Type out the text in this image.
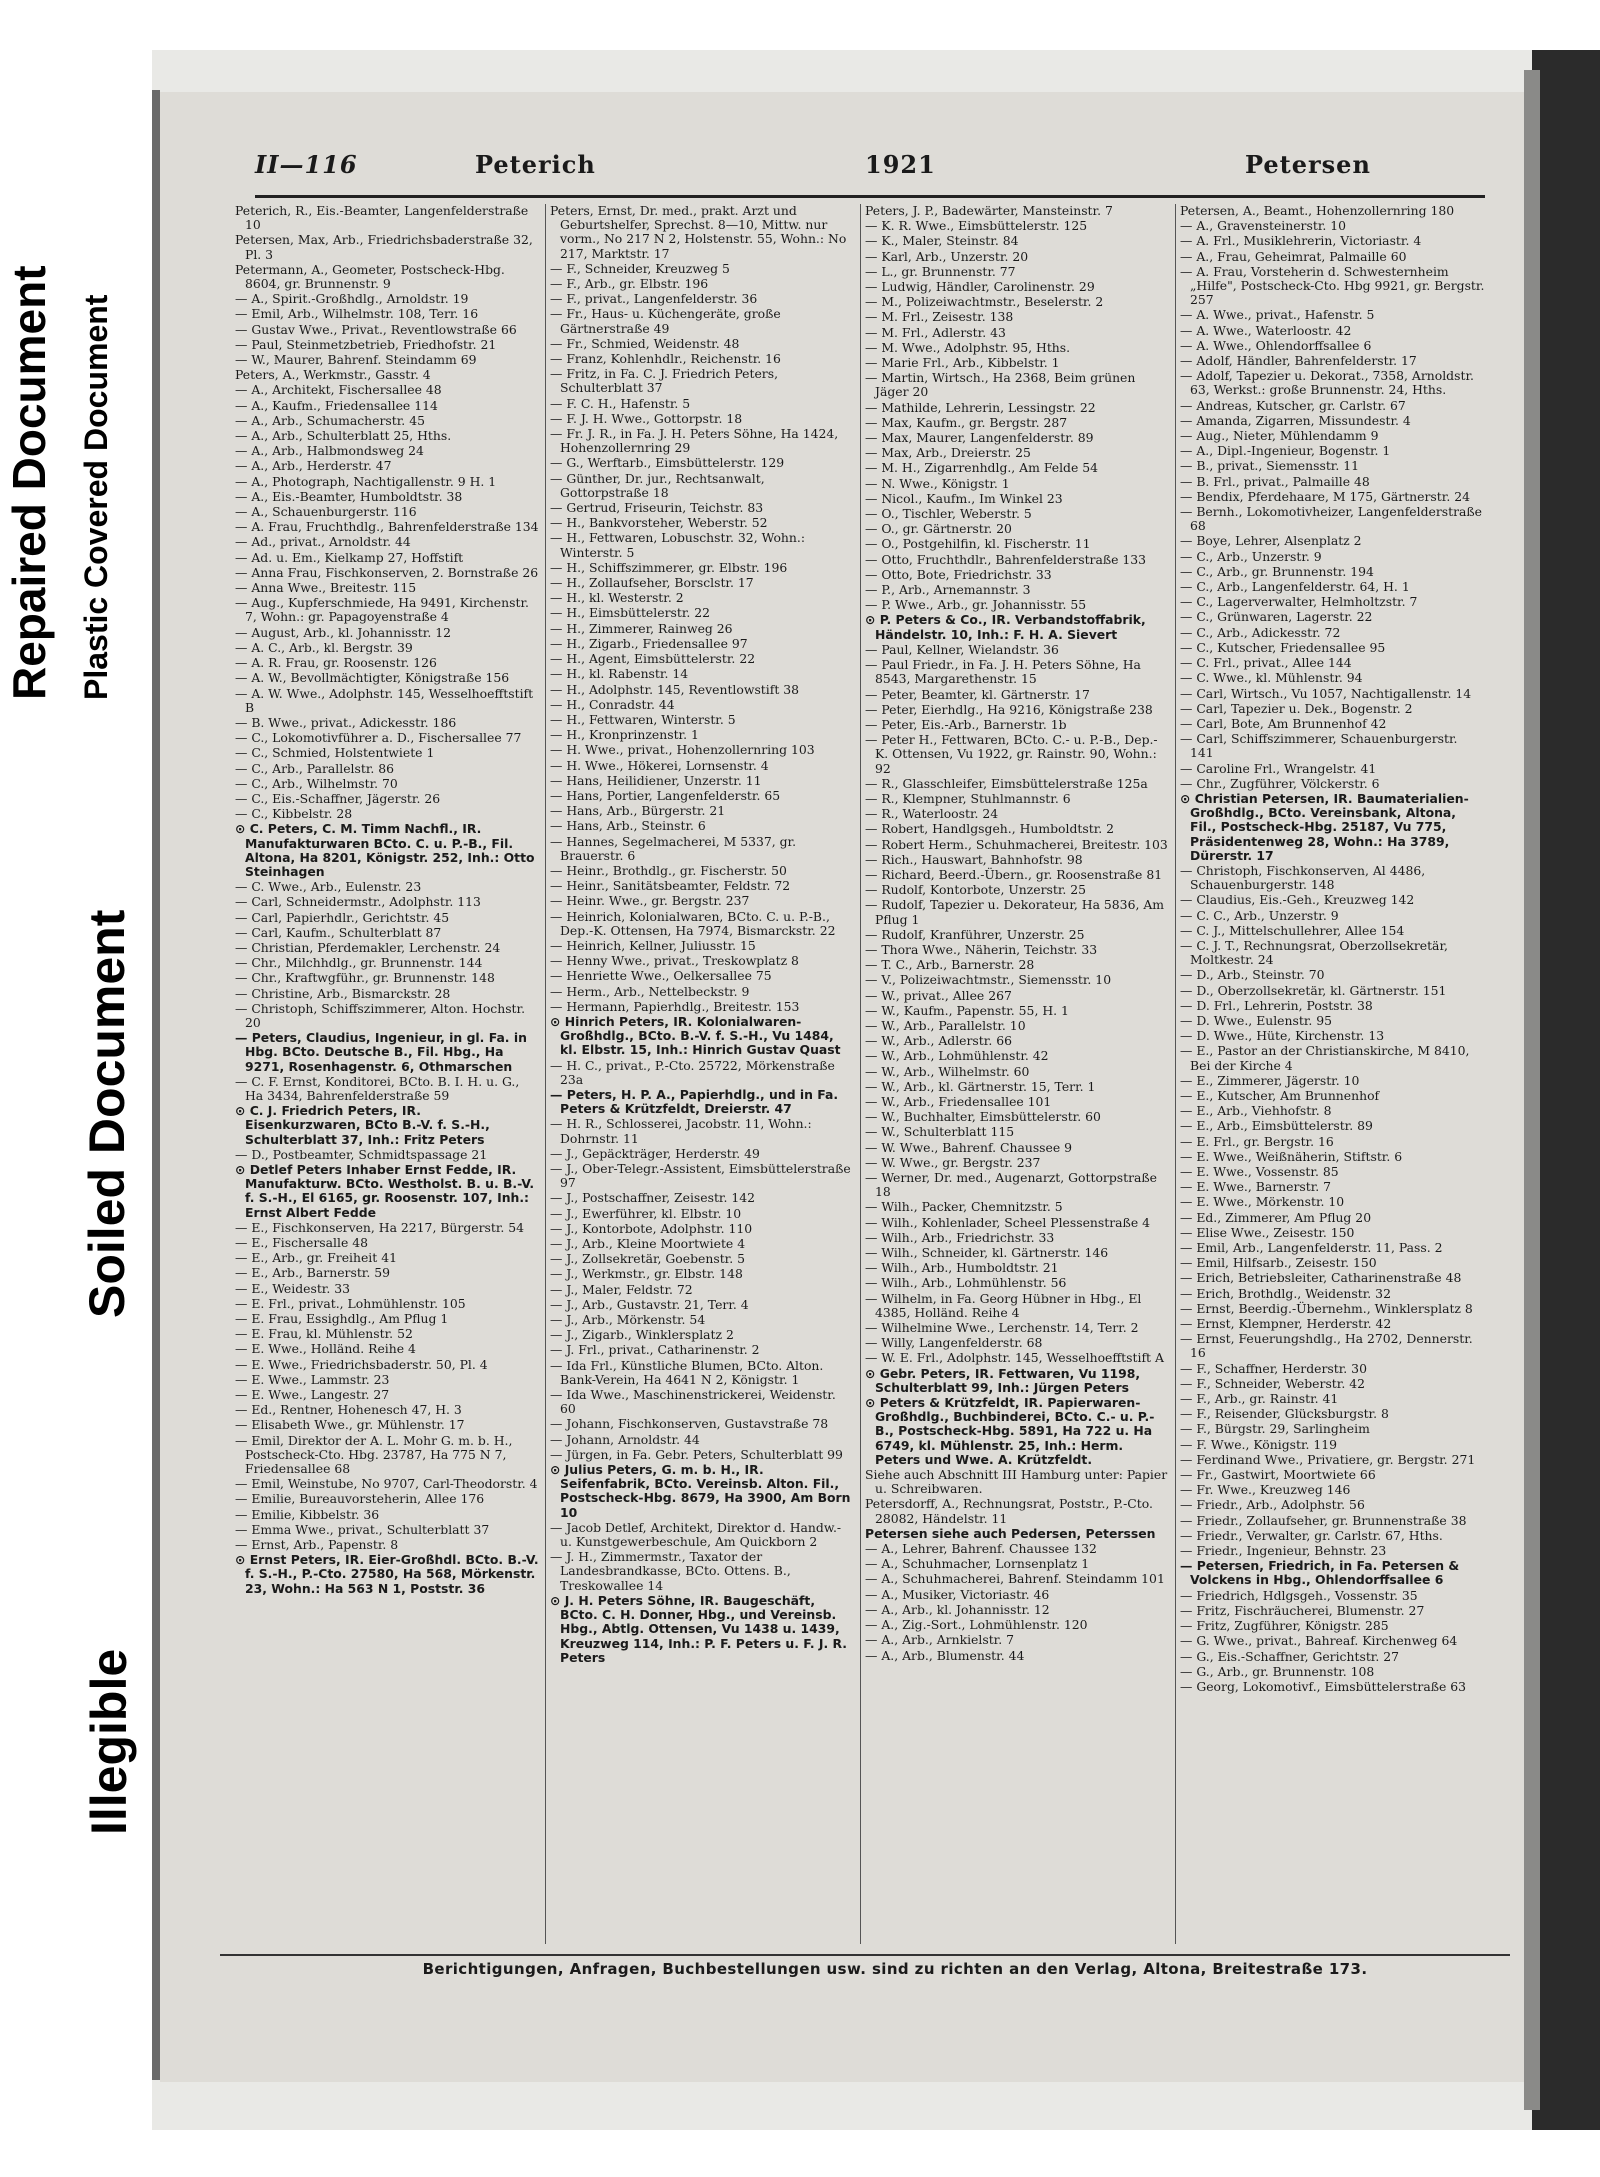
Repaired Document Plastic Covered Document
Soiled Document
Illegible
II—116	Peterich	1921	Petersen
Peterich, R., Eis.-Beamter, Langenfelderstraße 10
Petersen, Max, Arb., Friedrichsbaderstraße 32, Pl. 3
Petermann, A., Geometer, Postscheck-Hbg. 8604, gr. Brunnenstr. 9
— A., Spirit.-Großhdlg., Arnoldstr. 19
— Emil, Arb., Wilhelmstr. 108, Terr. 16
— Gustav Wwe., Privat., Reventlowstraße 66
— Paul, Steinmetzbetrieb, Friedhofstr. 21
— W., Maurer, Bahrenf. Steindamm 69
Peters, A., Werkmstr., Gasstr. 4
— A., Architekt, Fischersallee 48
— A., Kaufm., Friedensallee 114
— A., Arb., Schumacherstr. 45
— A., Arb., Schulterblatt 25, Hths.
— A., Arb., Halbmondsweg 24
— A., Arb., Herderstr. 47
— A., Photograph, Nachtigallenstr. 9 H. 1
— A., Eis.-Beamter, Humboldtstr. 38
— A., Schauenburgerstr. 116
— A. Frau, Fruchthdlg., Bahrenfelderstraße 134
— Ad., privat., Arnoldstr. 44
— Ad. u. Em., Kielkamp 27, Hoffstift
— Anna Frau, Fischkonserven, 2. Bornstraße 26
— Anna Wwe., Breitestr. 115
— Aug., Kupferschmiede, Ha 9491, Kirchenstr. 7, Wohn.: gr. Papagoyenstraße 4
— August, Arb., kl. Johannisstr. 12
— A. C., Arb., kl. Bergstr. 39
— A. R. Frau, gr. Roosenstr. 126
— A. W., Bevollmächtigter, Königstraße 156
— A. W. Wwe., Adolphstr. 145, Wesselhoefftstift B
— B. Wwe., privat., Adickesstr. 186
— C., Lokomotivführer a. D., Fischersallee 77
— C., Schmied, Holstentwiete 1
— C., Arb., Parallelstr. 86
— C., Arb., Wilhelmstr. 70
— C., Eis.-Schaffner, Jägerstr. 26
— C., Kibbelstr. 28
⊙ C. Peters, C. M. Timm Nachfl., IR. Manufakturwaren BCto. C. u. P.-B., Fil. Altona, Ha 8201, Königstr. 252, Inh.: Otto Steinhagen
— C. Wwe., Arb., Eulenstr. 23
— Carl, Schneidermstr., Adolphstr. 113
— Carl, Papierhdlr., Gerichtstr. 45
— Carl, Kaufm., Schulterblatt 87
— Christian, Pferdemakler, Lerchenstr. 24
— Chr., Milchhdlg., gr. Brunnenstr. 144
— Chr., Kraftwgführ., gr. Brunnenstr. 148
— Christine, Arb., Bismarckstr. 28
— Christoph, Schiffszimmerer, Alton. Hochstr. 20
— Peters, Claudius, Ingenieur, in gl. Fa. in Hbg. BCto. Deutsche B., Fil. Hbg., Ha 9271, Rosenhagenstr. 6, Othmarschen
— C. F. Ernst, Konditorei, BCto. B. I. H. u. G., Ha 3434, Bahrenfelderstraße 59
⊙ C. J. Friedrich Peters, IR. Eisenkurzwaren, BCto B.-V. f. S.-H., Schulterblatt 37, Inh.: Fritz Peters
— D., Postbeamter, Schmidtspassage 21
⊙ Detlef Peters Inhaber Ernst Fedde, IR. Manufakturw. BCto. Westholst. B. u. B.-V. f. S.-H., El 6165, gr. Roosenstr. 107, Inh.: Ernst Albert Fedde
— E., Fischkonserven, Ha 2217, Bürgerstr. 54
— E., Fischersalle 48
— E., Arb., gr. Freiheit 41
— E., Arb., Barnerstr. 59
— E., Weidestr. 33
— E. Frl., privat., Lohmühlenstr. 105
— E. Frau, Essighdlg., Am Pflug 1
— E. Frau, kl. Mühlenstr. 52
— E. Wwe., Holländ. Reihe 4
— E. Wwe., Friedrichsbaderstr. 50, Pl. 4
— E. Wwe., Lammstr. 23
— E. Wwe., Langestr. 27
— Ed., Rentner, Hohenesch 47, H. 3
— Elisabeth Wwe., gr. Mühlenstr. 17
— Emil, Direktor der A. L. Mohr G. m. b. H., Postscheck-Cto. Hbg. 23787, Ha 775 N 7, Friedensallee 68
— Emil, Weinstube, No 9707, Carl-Theodorstr. 4
— Emilie, Bureauvorsteherin, Allee 176
— Emilie, Kibbelstr. 36
— Emma Wwe., privat., Schulterblatt 37
— Ernst, Arb., Papenstr. 8
⊙ Ernst Peters, IR. Eier-Großhdl. BCto. B.-V. f. S.-H., P.-Cto. 27580, Ha 568, Mörkenstr. 23, Wohn.: Ha 563 N 1, Poststr. 36
Peters, Ernst, Dr. med., prakt. Arzt und Geburtshelfer, Sprechst. 8—10, Mittw. nur vorm., No 217 N 2, Holstenstr. 55, Wohn.: No 217, Marktstr. 17
— F., Schneider, Kreuzweg 5
— F., Arb., gr. Elbstr. 196
— F., privat., Langenfelderstr. 36
— Fr., Haus- u. Küchengeräte, große Gärtnerstraße 49
— Fr., Schmied, Weidenstr. 48
— Franz, Kohlenhdlr., Reichenstr. 16
— Fritz, in Fa. C. J. Friedrich Peters, Schulterblatt 37
— F. C. H., Hafenstr. 5
— F. J. H. Wwe., Gottorpstr. 18
— Fr. J. R., in Fa. J. H. Peters Söhne, Ha 1424, Hohenzollernring 29
— G., Werftarb., Eimsbüttelerstr. 129
— Günther, Dr. jur., Rechtsanwalt, Gottorpstraße 18
— Gertrud, Friseurin, Teichstr. 83
— H., Bankvorsteher, Weberstr. 52
— H., Fettwaren, Lobuschstr. 32, Wohn.: Winterstr. 5
— H., Schiffszimmerer, gr. Elbstr. 196
— H., Zollaufseher, Borsclstr. 17
— H., kl. Westerstr. 2
— H., Eimsbüttelerstr. 22
— H., Zimmerer, Rainweg 26
— H., Zigarb., Friedensallee 97
— H., Agent, Eimsbüttelerstr. 22
— H., kl. Rabenstr. 14
— H., Adolphstr. 145, Reventlowstift 38
— H., Conradstr. 44
— H., Fettwaren, Winterstr. 5
— H., Kronprinzenstr. 1
— H. Wwe., privat., Hohenzollernring 103
— H. Wwe., Hökerei, Lornsenstr. 4
— Hans, Heilidiener, Unzerstr. 11
— Hans, Portier, Langenfelderstr. 65
— Hans, Arb., Bürgerstr. 21
— Hans, Arb., Steinstr. 6
— Hannes, Segelmacherei, M 5337, gr. Brauerstr. 6
— Heinr., Brothdlg., gr. Fischerstr. 50
— Heinr., Sanitätsbeamter, Feldstr. 72
— Heinr. Wwe., gr. Bergstr. 237
— Heinrich, Kolonialwaren, BCto. C. u. P.-B., Dep.-K. Ottensen, Ha 7974, Bismarckstr. 22
— Heinrich, Kellner, Juliusstr. 15
— Henny Wwe., privat., Treskowplatz 8
— Henriette Wwe., Oelkersallee 75
— Herm., Arb., Nettelbeckstr. 9
— Hermann, Papierhdlg., Breitestr. 153
⊙ Hinrich Peters, IR. Kolonialwaren-Großhdlg., BCto. B.-V. f. S.-H., Vu 1484, kl. Elbstr. 15, Inh.: Hinrich Gustav Quast
— H. C., privat., P.-Cto. 25722, Mörkenstraße 23a
— Peters, H. P. A., Papierhdlg., und in Fa. Peters & Krützfeldt, Dreierstr. 47
— H. R., Schlosserei, Jacobstr. 11, Wohn.: Dohrnstr. 11
— J., Gepäckträger, Herderstr. 49
— J., Ober-Telegr.-Assistent, Eimsbüttelerstraße 97
— J., Postschaffner, Zeisestr. 142
— J., Ewerführer, kl. Elbstr. 10
— J., Kontorbote, Adolphstr. 110
— J., Arb., Kleine Moortwiete 4
— J., Zollsekretär, Goebenstr. 5
— J., Werkmstr., gr. Elbstr. 148
— J., Maler, Feldstr. 72
— J., Arb., Gustavstr. 21, Terr. 4
— J., Arb., Mörkenstr. 54
— J., Zigarb., Winklersplatz 2
— J. Frl., privat., Catharinenstr. 2
— Ida Frl., Künstliche Blumen, BCto. Alton. Bank-Verein, Ha 4641 N 2, Königstr. 1
— Ida Wwe., Maschinenstrickerei, Weidenstr. 60
— Johann, Fischkonserven, Gustavstraße 78
— Johann, Arnoldstr. 44
— Jürgen, in Fa. Gebr. Peters, Schulterblatt 99
⊙ Julius Peters, G. m. b. H., IR. Seifenfabrik, BCto. Vereinsb. Alton. Fil., Postscheck-Hbg. 8679, Ha 3900, Am Born 10
— Jacob Detlef, Architekt, Direktor d. Handw.- u. Kunstgewerbeschule, Am Quickborn 2
— J. H., Zimmermstr., Taxator der Landesbrandkasse, BCto. Ottens. B., Treskowallee 14
⊙ J. H. Peters Söhne, IR. Baugeschäft, BCto. C. H. Donner, Hbg., und Vereinsb. Hbg., Abtlg. Ottensen, Vu 1438 u. 1439, Kreuzweg 114, Inh.: P. F. Peters u. F. J. R. Peters
Peters, J. P., Badewärter, Mansteinstr. 7
— K. R. Wwe., Eimsbüttelerstr. 125
— K., Maler, Steinstr. 84
— Karl, Arb., Unzerstr. 20
— L., gr. Brunnenstr. 77
— Ludwig, Händler, Carolinenstr. 29
— M., Polizeiwachtmstr., Beselerstr. 2
— M. Frl., Zeisestr. 138
— M. Frl., Adlerstr. 43
— M. Wwe., Adolphstr. 95, Hths.
— Marie Frl., Arb., Kibbelstr. 1
— Martin, Wirtsch., Ha 2368, Beim grünen Jäger 20
— Mathilde, Lehrerin, Lessingstr. 22
— Max, Kaufm., gr. Bergstr. 287
— Max, Maurer, Langenfelderstr. 89
— Max, Arb., Dreierstr. 25
— M. H., Zigarrenhdlg., Am Felde 54
— N. Wwe., Königstr. 1
— Nicol., Kaufm., Im Winkel 23
— O., Tischler, Weberstr. 5
— O., gr. Gärtnerstr. 20
— O., Postgehilfin, kl. Fischerstr. 11
— Otto, Fruchthdlr., Bahrenfelderstraße 133
— Otto, Bote, Friedrichstr. 33
— P., Arb., Arnemannstr. 3
— P. Wwe., Arb., gr. Johannisstr. 55
⊙ P. Peters & Co., IR. Verbandstoffabrik, Händelstr. 10, Inh.: F. H. A. Sievert
— Paul, Kellner, Wielandstr. 36
— Paul Friedr., in Fa. J. H. Peters Söhne, Ha 8543, Margarethenstr. 15
— Peter, Beamter, kl. Gärtnerstr. 17
— Peter, Eierhdlg., Ha 9216, Königstraße 238
— Peter, Eis.-Arb., Barnerstr. 1b
— Peter H., Fettwaren, BCto. C.- u. P.-B., Dep.-K. Ottensen, Vu 1922, gr. Rainstr. 90, Wohn.: 92
— R., Glasschleifer, Eimsbüttelerstraße 125a
— R., Klempner, Stuhlmannstr. 6
— R., Waterloostr. 24
— Robert, Handlgsgeh., Humboldtstr. 2
— Robert Herm., Schuhmacherei, Breitestr. 103
— Rich., Hauswart, Bahnhofstr. 98
— Richard, Beerd.-Übern., gr. Roosenstraße 81
— Rudolf, Kontorbote, Unzerstr. 25
— Rudolf, Tapezier u. Dekorateur, Ha 5836, Am Pflug 1
— Rudolf, Kranführer, Unzerstr. 25
— Thora Wwe., Näherin, Teichstr. 33
— T. C., Arb., Barnerstr. 28
— V., Polizeiwachtmstr., Siemensstr. 10
— W., privat., Allee 267
— W., Kaufm., Papenstr. 55, H. 1
— W., Arb., Parallelstr. 10
— W., Arb., Adlerstr. 66
— W., Arb., Lohmühlenstr. 42
— W., Arb., Wilhelmstr. 60
— W., Arb., kl. Gärtnerstr. 15, Terr. 1
— W., Arb., Friedensallee 101
— W., Buchhalter, Eimsbüttelerstr. 60
— W., Schulterblatt 115
— W. Wwe., Bahrenf. Chaussee 9
— W. Wwe., gr. Bergstr. 237
— Werner, Dr. med., Augenarzt, Gottorpstraße 18
— Wilh., Packer, Chemnitzstr. 5
— Wilh., Kohlenlader, Scheel Plessenstraße 4
— Wilh., Arb., Friedrichstr. 33
— Wilh., Schneider, kl. Gärtnerstr. 146
— Wilh., Arb., Humboldtstr. 21
— Wilh., Arb., Lohmühlenstr. 56
— Wilhelm, in Fa. Georg Hübner in Hbg., El 4385, Holländ. Reihe 4
— Wilhelmine Wwe., Lerchenstr. 14, Terr. 2
— Willy, Langenfelderstr. 68
— W. E. Frl., Adolphstr. 145, Wesselhoefftstift A
⊙ Gebr. Peters, IR. Fettwaren, Vu 1198, Schulterblatt 99, Inh.: Jürgen Peters
⊙ Peters & Krützfeldt, IR. Papierwaren-Großhdlg., Buchbinderei, BCto. C.- u. P.-B., Postscheck-Hbg. 5891, Ha 722 u. Ha 6749, kl. Mühlenstr. 25, Inh.: Herm. Peters und Wwe. A. Krützfeldt.
Siehe auch Abschnitt III Hamburg unter: Papier u. Schreibwaren.
Petersdorff, A., Rechnungsrat, Poststr., P.-Cto. 28082, Händelstr. 11
Petersen siehe auch Pedersen, Peterssen
— A., Lehrer, Bahrenf. Chaussee 132
— A., Schuhmacher, Lornsenplatz 1
— A., Schuhmacherei, Bahrenf. Steindamm 101
— A., Musiker, Victoriastr. 46
— A., Arb., kl. Johannisstr. 12
— A., Zig.-Sort., Lohmühlenstr. 120
— A., Arb., Arnkielstr. 7
— A., Arb., Blumenstr. 44
Petersen, A., Beamt., Hohenzollernring 180
— A., Gravensteinerstr. 10
— A. Frl., Musiklehrerin, Victoriastr. 4
— A., Frau, Geheimrat, Palmaille 60
— A. Frau, Vorsteherin d. Schwesternheim „Hilfe", Postscheck-Cto. Hbg 9921, gr. Bergstr. 257
— A. Wwe., privat., Hafenstr. 5
— A. Wwe., Waterloostr. 42
— A. Wwe., Ohlendorffsallee 6
— Adolf, Händler, Bahrenfelderstr. 17
— Adolf, Tapezier u. Dekorat., 7358, Arnoldstr. 63, Werkst.: große Brunnenstr. 24, Hths.
— Andreas, Kutscher, gr. Carlstr. 67
— Amanda, Zigarren, Missundestr. 4
— Aug., Nieter, Mühlendamm 9
— A., Dipl.-Ingenieur, Bogenstr. 1
— B., privat., Siemensstr. 11
— B. Frl., privat., Palmaille 48
— Bendix, Pferdehaare, M 175, Gärtnerstr. 24
— Bernh., Lokomotivheizer, Langenfelderstraße 68
— Boye, Lehrer, Alsenplatz 2
— C., Arb., Unzerstr. 9
— C., Arb., gr. Brunnenstr. 194
— C., Arb., Langenfelderstr. 64, H. 1
— C., Lagerverwalter, Helmholtzstr. 7
— C., Grünwaren, Lagerstr. 22
— C., Arb., Adickesstr. 72
— C., Kutscher, Friedensallee 95
— C. Frl., privat., Allee 144
— C. Wwe., kl. Mühlenstr. 94
— Carl, Wirtsch., Vu 1057, Nachtigallenstr. 14
— Carl, Tapezier u. Dek., Bogenstr. 2
— Carl, Bote, Am Brunnenhof 42
— Carl, Schiffszimmerer, Schauenburgerstr. 141
— Caroline Frl., Wrangelstr. 41
— Chr., Zugführer, Völckerstr. 6
⊙ Christian Petersen, IR. Baumaterialien-Großhdlg., BCto. Vereinsbank, Altona, Fil., Postscheck-Hbg. 25187, Vu 775, Präsidentenweg 28, Wohn.: Ha 3789, Dürerstr. 17
— Christoph, Fischkonserven, Al 4486, Schauenburgerstr. 148
— Claudius, Eis.-Geh., Kreuzweg 142
— C. C., Arb., Unzerstr. 9
— C. J., Mittelschullehrer, Allee 154
— C. J. T., Rechnungsrat, Oberzollsekretär, Moltkestr. 24
— D., Arb., Steinstr. 70
— D., Oberzollsekretär, kl. Gärtnerstr. 151
— D. Frl., Lehrerin, Poststr. 38
— D. Wwe., Eulenstr. 95
— D. Wwe., Hüte, Kirchenstr. 13
— E., Pastor an der Christianskirche, M 8410, Bei der Kirche 4
— E., Zimmerer, Jägerstr. 10
— E., Kutscher, Am Brunnenhof
— E., Arb., Viehhofstr. 8
— E., Arb., Eimsbüttelerstr. 89
— E. Frl., gr. Bergstr. 16
— E. Wwe., Weißnäherin, Stiftstr. 6
— E. Wwe., Vossenstr. 85
— E. Wwe., Barnerstr. 7
— E. Wwe., Mörkenstr. 10
— Ed., Zimmerer, Am Pflug 20
— Elise Wwe., Zeisestr. 150
— Emil, Arb., Langenfelderstr. 11, Pass. 2
— Emil, Hilfsarb., Zeisestr. 150
— Erich, Betriebsleiter, Catharinenstraße 48
— Erich, Brothdlg., Weidenstr. 32
— Ernst, Beerdig.-Übernehm., Winklersplatz 8
— Ernst, Klempner, Herderstr. 42
— Ernst, Feuerungshdlg., Ha 2702, Dennerstr. 16
— F., Schaffner, Herderstr. 30
— F., Schneider, Weberstr. 42
— F., Arb., gr. Rainstr. 41
— F., Reisender, Glücksburgstr. 8
— F., Bürgstr. 29, Sarlingheim
— F. Wwe., Königstr. 119
— Ferdinand Wwe., Privatiere, gr. Bergstr. 271
— Fr., Gastwirt, Moortwiete 66
— Fr. Wwe., Kreuzweg 146
— Friedr., Arb., Adolphstr. 56
— Friedr., Zollaufseher, gr. Brunnenstraße 38
— Friedr., Verwalter, gr. Carlstr. 67, Hths.
— Friedr., Ingenieur, Behnstr. 23
— Petersen, Friedrich, in Fa. Petersen & Volckens in Hbg., Ohlendorffsallee 6
— Friedrich, Hdlgsgeh., Vossenstr. 35
— Fritz, Fischräucherei, Blumenstr. 27
— Fritz, Zugführer, Königstr. 285
— G. Wwe., privat., Bahreaf. Kirchenweg 64
— G., Eis.-Schaffner, Gerichtstr. 27
— G., Arb., gr. Brunnenstr. 108
— Georg, Lokomotivf., Eimsbüttelerstraße 63
Berichtigungen, Anfragen, Buchbestellungen usw. sind zu richten an den Verlag, Altona, Breitestraße 173.
